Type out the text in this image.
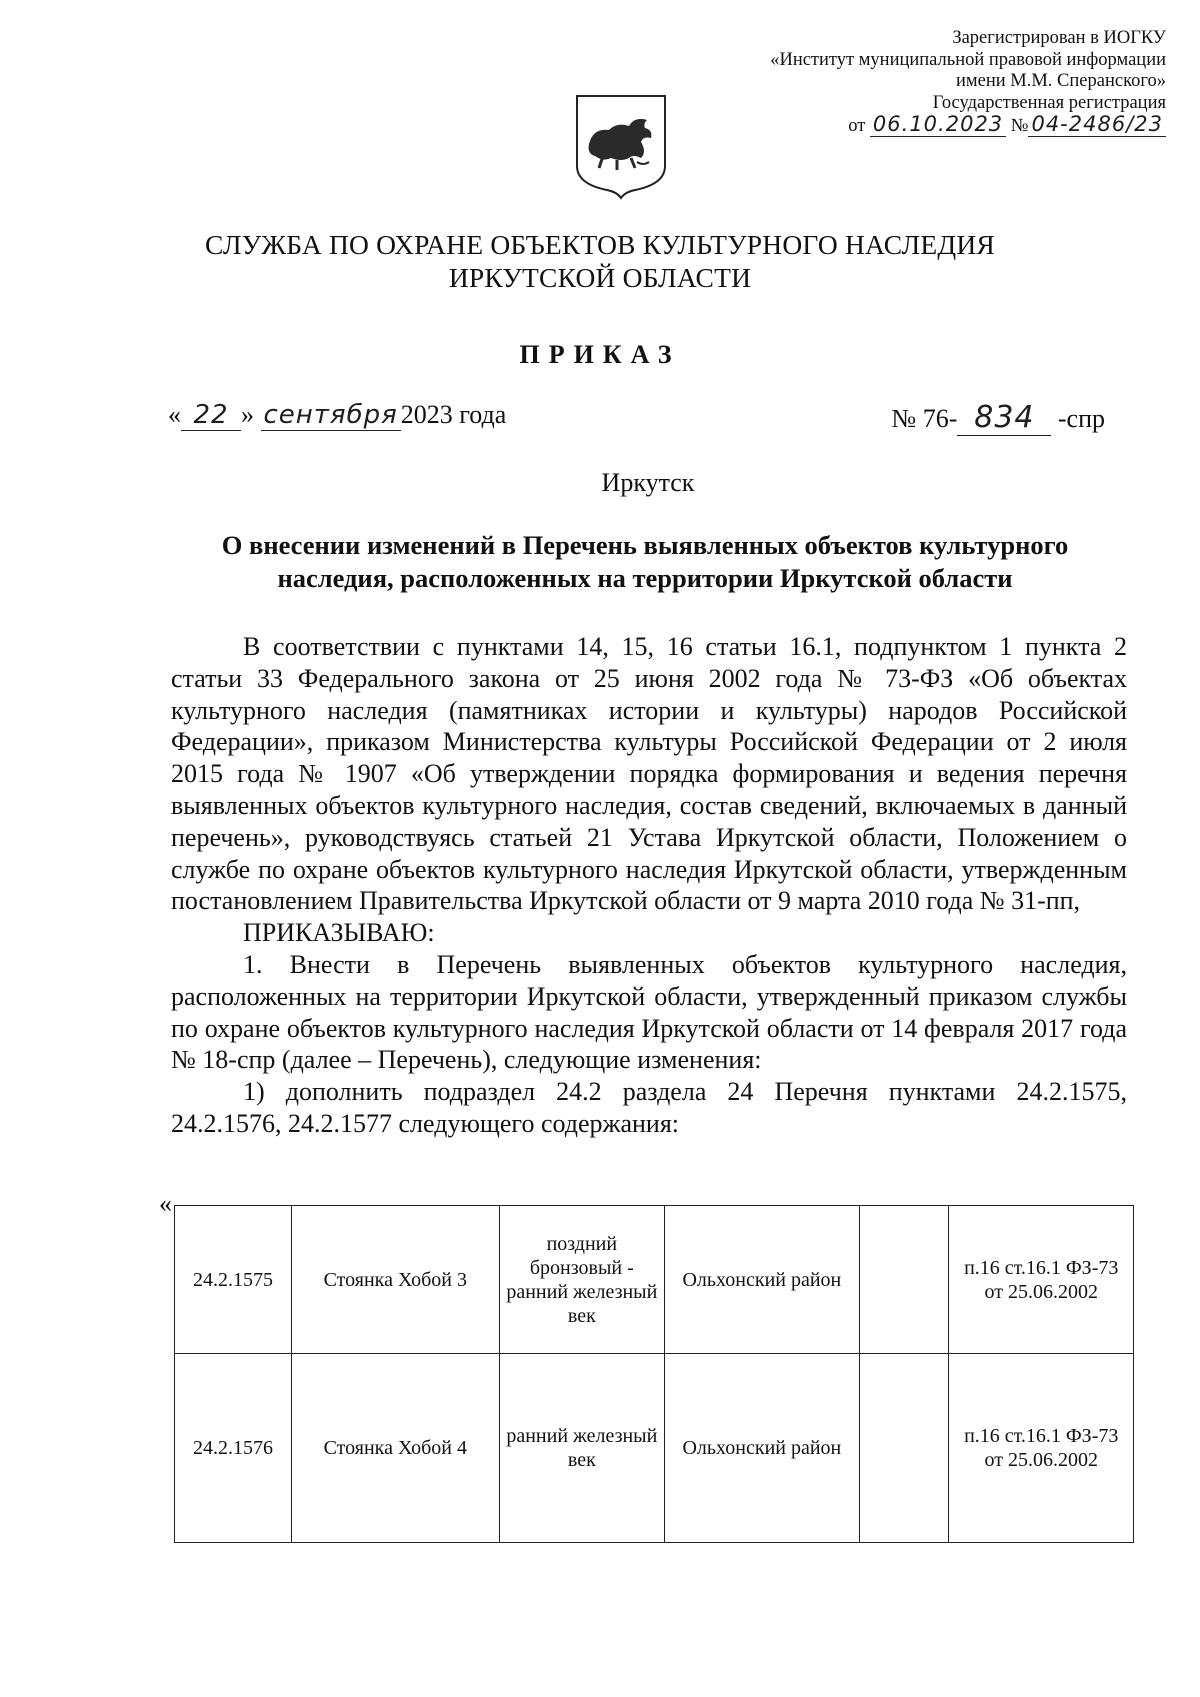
Зарегистрирован в ИОГКУ
«Институт муниципальной правовой информации
имени М.М. Сперанского»
Государственная регистрация
от 06.10.2023 № 04-2486/23
СЛУЖБА ПО ОХРАНЕ ОБЪЕКТОВ КУЛЬТУРНОГО НАСЛЕДИЯ
ИРКУТСКОЙ ОБЛАСТИ
ПРИКАЗ
« 22 » сентября 2023 года	№ 76- 834 -спр
Иркутск
О внесении изменений в Перечень выявленных объектов культурного
наследия, расположенных на территории Иркутской области

В соответствии с пунктами 14, 15, 16 статьи 16.1, подпунктом 1 пункта 2 статьи 33 Федерального закона от 25 июня 2002 года № 73-ФЗ «Об объектах культурного наследия (памятниках истории и культуры) народов Российской Федерации», приказом Министерства культуры Российской Федерации от 2 июля 2015 года № 1907 «Об утверждении порядка формирования и ведения перечня выявленных объектов культурного наследия, состав сведений, включаемых в данный перечень», руководствуясь статьей 21 Устава Иркутской области, Положением о службе по охране объектов культурного наследия Иркутской области, утвержденным постановлением Правительства Иркутской области от 9 марта 2010 года № 31-пп,

ПРИКАЗЫВАЮ:

1. Внести в Перечень выявленных объектов культурного наследия, расположенных на территории Иркутской области, утвержденный приказом службы по охране объектов культурного наследия Иркутской области от 14 февраля 2017 года № 18-спр (далее – Перечень), следующие изменения:

1) дополнить подраздел 24.2 раздела 24 Перечня пунктами 24.2.1575, 24.2.1576, 24.2.1577 следующего содержания:

«
24.2.1575	Стоянка Хобой 3	поздний бронзовый - ранний железный век	Ольхонский район		п.16 ст.16.1 ФЗ-73 от 25.06.2002
24.2.1576	Стоянка Хобой 4	ранний железный век	Ольхонский район		п.16 ст.16.1 ФЗ-73 от 25.06.2002
